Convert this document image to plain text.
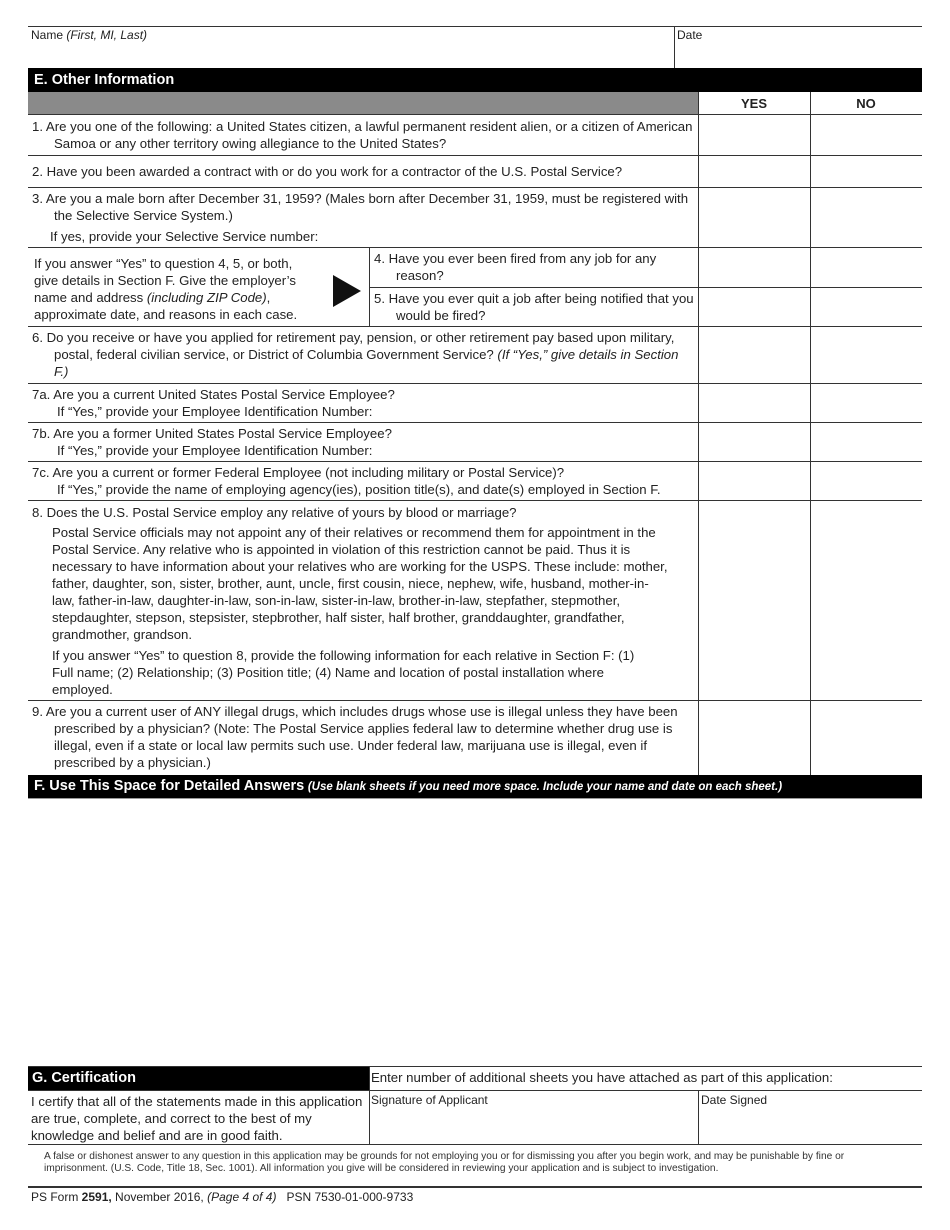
Name (First, MI, Last)	Date
E. Other Information
YES	NO
1. Are you one of the following: a United States citizen, a lawful permanent resident alien, or a citizen of American Samoa or any other territory owing allegiance to the United States?
2. Have you been awarded a contract with or do you work for a contractor of the U.S. Postal Service?
3. Are you a male born after December 31, 1959? (Males born after December 31, 1959, must be registered with the Selective Service System.)
If yes, provide your Selective Service number:
If you answer “Yes” to question 4, 5, or both, give details in Section F. Give the employer’s name and address (including ZIP Code), approximate date, and reasons in each case.
4. Have you ever been fired from any job for any reason?
5. Have you ever quit a job after being notified that you would be fired?
6. Do you receive or have you applied for retirement pay, pension, or other retirement pay based upon military, postal, federal civilian service, or District of Columbia Government Service? (If “Yes,” give details in Section F.)
7a. Are you a current United States Postal Service Employee?
If “Yes,” provide your Employee Identification Number:
7b. Are you a former United States Postal Service Employee?
If “Yes,” provide your Employee Identification Number:
7c. Are you a current or former Federal Employee (not including military or Postal Service)?
If “Yes,” provide the name of employing agency(ies), position title(s), and date(s) employed in Section F.
8. Does the U.S. Postal Service employ any relative of yours by blood or marriage?
Postal Service officials may not appoint any of their relatives or recommend them for appointment in the Postal Service. Any relative who is appointed in violation of this restriction cannot be paid. Thus it is necessary to have information about your relatives who are working for the USPS. These include: mother, father, daughter, son, sister, brother, aunt, uncle, first cousin, niece, nephew, wife, husband, mother-in-law, father-in-law, daughter-in-law, son-in-law, sister-in-law, brother-in-law, stepfather, stepmother, stepdaughter, stepson, stepsister, stepbrother, half sister, half brother, granddaughter, grandfather, grandmother, grandson.
If you answer “Yes” to question 8, provide the following information for each relative in Section F: (1) Full name; (2) Relationship; (3) Position title; (4) Name and location of postal installation where employed.
9. Are you a current user of ANY illegal drugs, which includes drugs whose use is illegal unless they have been prescribed by a physician? (Note: The Postal Service applies federal law to determine whether drug use is illegal, even if a state or local law permits such use. Under federal law, marijuana use is illegal, even if prescribed by a physician.)
F. Use This Space for Detailed Answers (Use blank sheets if you need more space. Include your name and date on each sheet.)
G. Certification	Enter number of additional sheets you have attached as part of this application:
I certify that all of the statements made in this application are true, complete, and correct to the best of my knowledge and belief and are in good faith.
Signature of Applicant	Date Signed
A false or dishonest answer to any question in this application may be grounds for not employing you or for dismissing you after you begin work, and may be punishable by fine or imprisonment. (U.S. Code, Title 18, Sec. 1001). All information you give will be considered in reviewing your application and is subject to investigation.
PS Form 2591, November 2016, (Page 4 of 4) PSN 7530-01-000-9733
